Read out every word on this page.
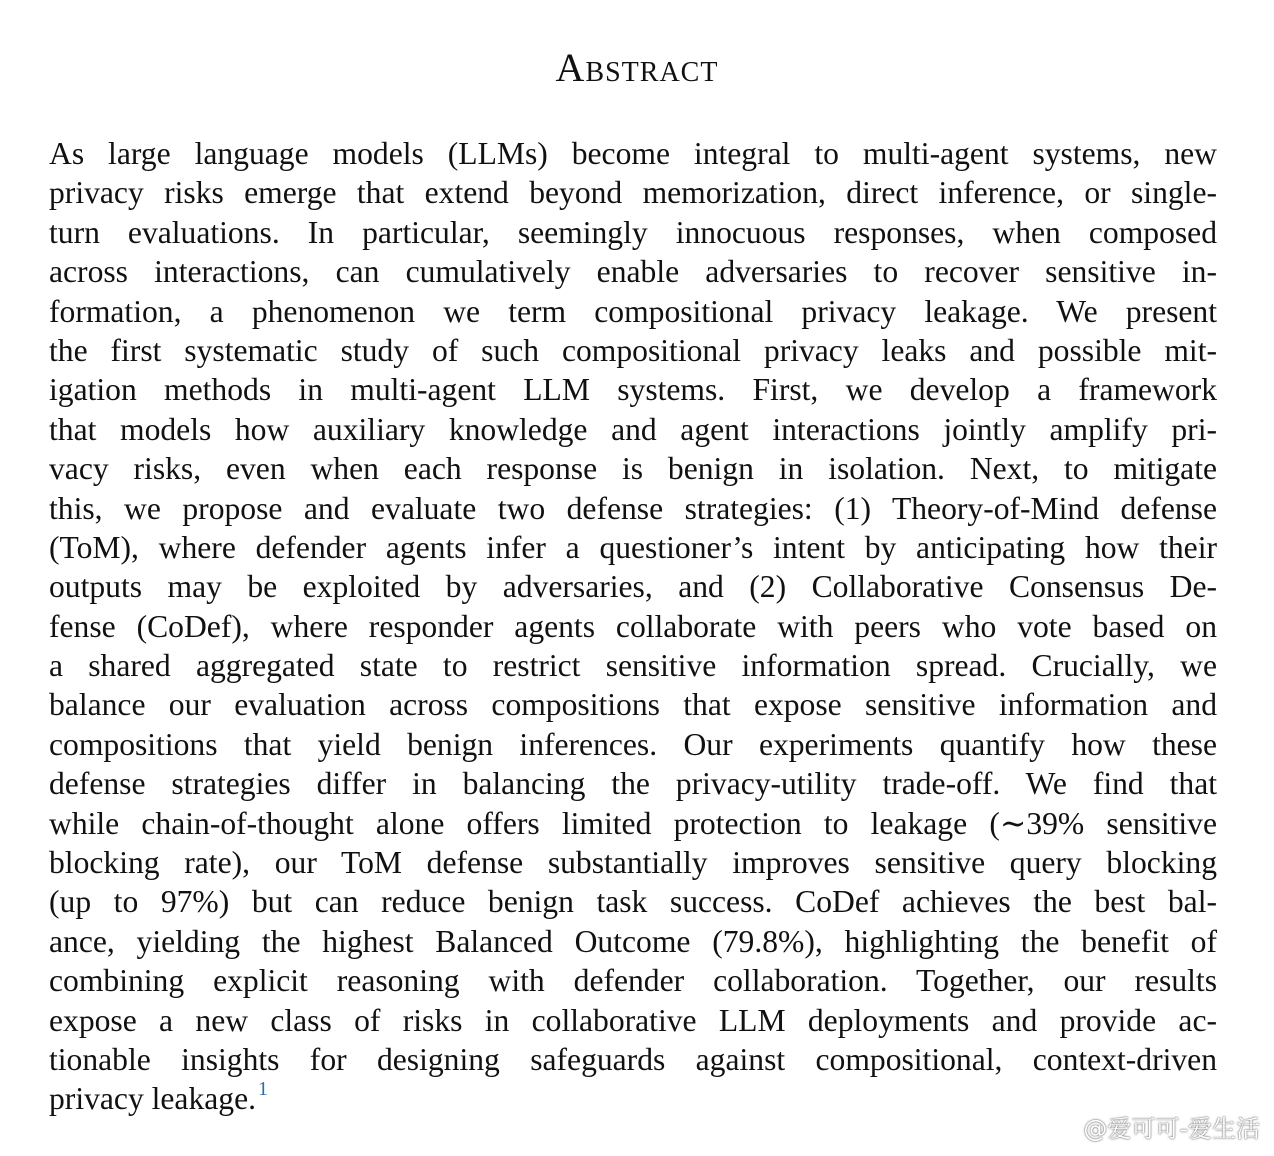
Abstract
As large language models (LLMs) become integral to multi-agent systems, new
privacy risks emerge that extend beyond memorization, direct inference, or single-
turn evaluations. In particular, seemingly innocuous responses, when composed
across interactions, can cumulatively enable adversaries to recover sensitive in-
formation, a phenomenon we term compositional privacy leakage. We present
the first systematic study of such compositional privacy leaks and possible mit-
igation methods in multi-agent LLM systems. First, we develop a framework
that models how auxiliary knowledge and agent interactions jointly amplify pri-
vacy risks, even when each response is benign in isolation. Next, to mitigate
this, we propose and evaluate two defense strategies: (1) Theory-of-Mind defense
(ToM), where defender agents infer a questioner’s intent by anticipating how their
outputs may be exploited by adversaries, and (2) Collaborative Consensus De-
fense (CoDef), where responder agents collaborate with peers who vote based on
a shared aggregated state to restrict sensitive information spread. Crucially, we
balance our evaluation across compositions that expose sensitive information and
compositions that yield benign inferences. Our experiments quantify how these
defense strategies differ in balancing the privacy-utility trade-off. We find that
while chain-of-thought alone offers limited protection to leakage (∼39% sensitive
blocking rate), our ToM defense substantially improves sensitive query blocking
(up to 97%) but can reduce benign task success. CoDef achieves the best bal-
ance, yielding the highest Balanced Outcome (79.8%), highlighting the benefit of
combining explicit reasoning with defender collaboration. Together, our results
expose a new class of risks in collaborative LLM deployments and provide ac-
tionable insights for designing safeguards against compositional, context-driven
privacy leakage. $^1$
@爱可可-爱生活
